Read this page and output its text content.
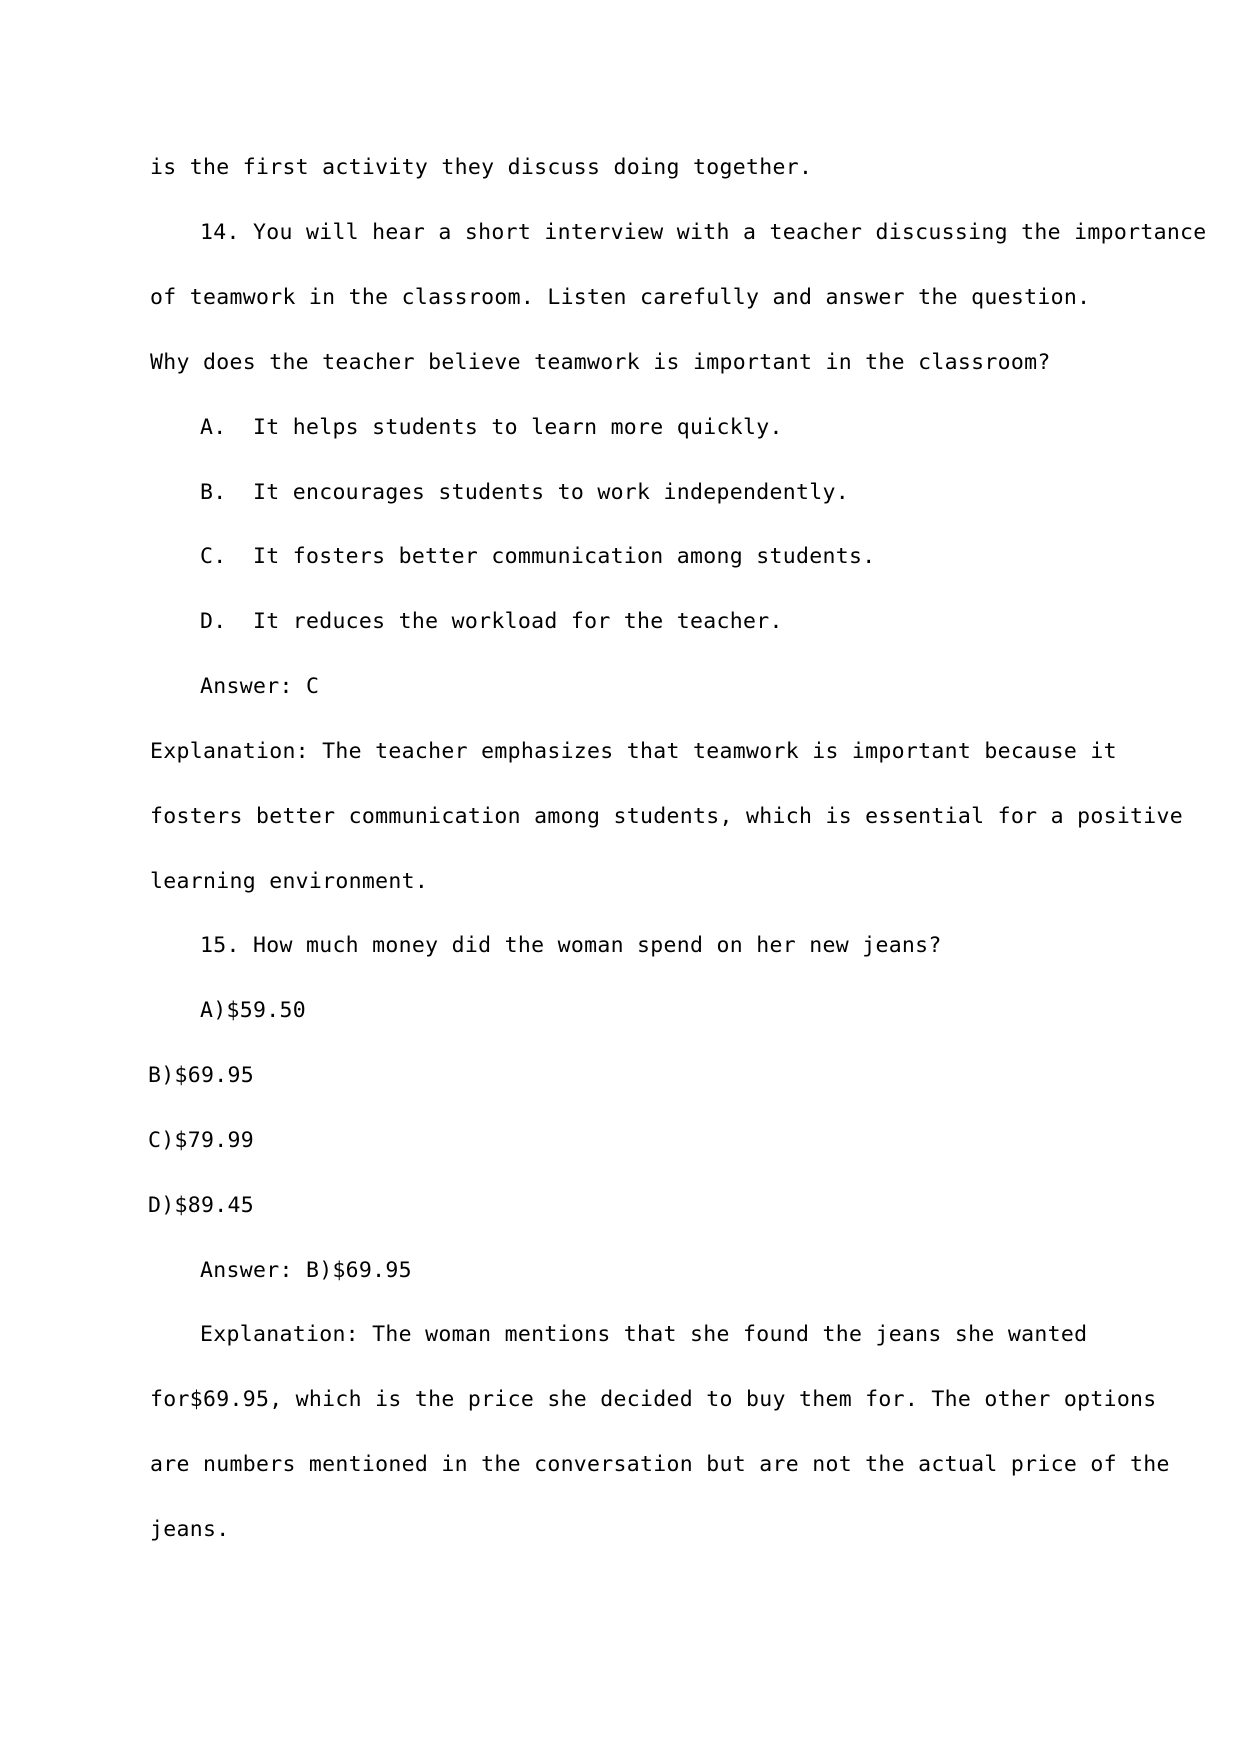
is the first activity they discuss doing together.
14. You will hear a short interview with a teacher discussing the importance
of teamwork in the classroom. Listen carefully and answer the question.
Why does the teacher believe teamwork is important in the classroom?
A.  It helps students to learn more quickly.
B.  It encourages students to work independently.
C.  It fosters better communication among students.
D.  It reduces the workload for the teacher.
Answer: C
Explanation: The teacher emphasizes that teamwork is important because it
fosters better communication among students, which is essential for a positive
learning environment.
15. How much money did the woman spend on her new jeans?
A)$59.50
B)$69.95
C)$79.99
D)$89.45
Answer: B)$69.95
Explanation: The woman mentions that she found the jeans she wanted
for$69.95, which is the price she decided to buy them for. The other options
are numbers mentioned in the conversation but are not the actual price of the
jeans.
